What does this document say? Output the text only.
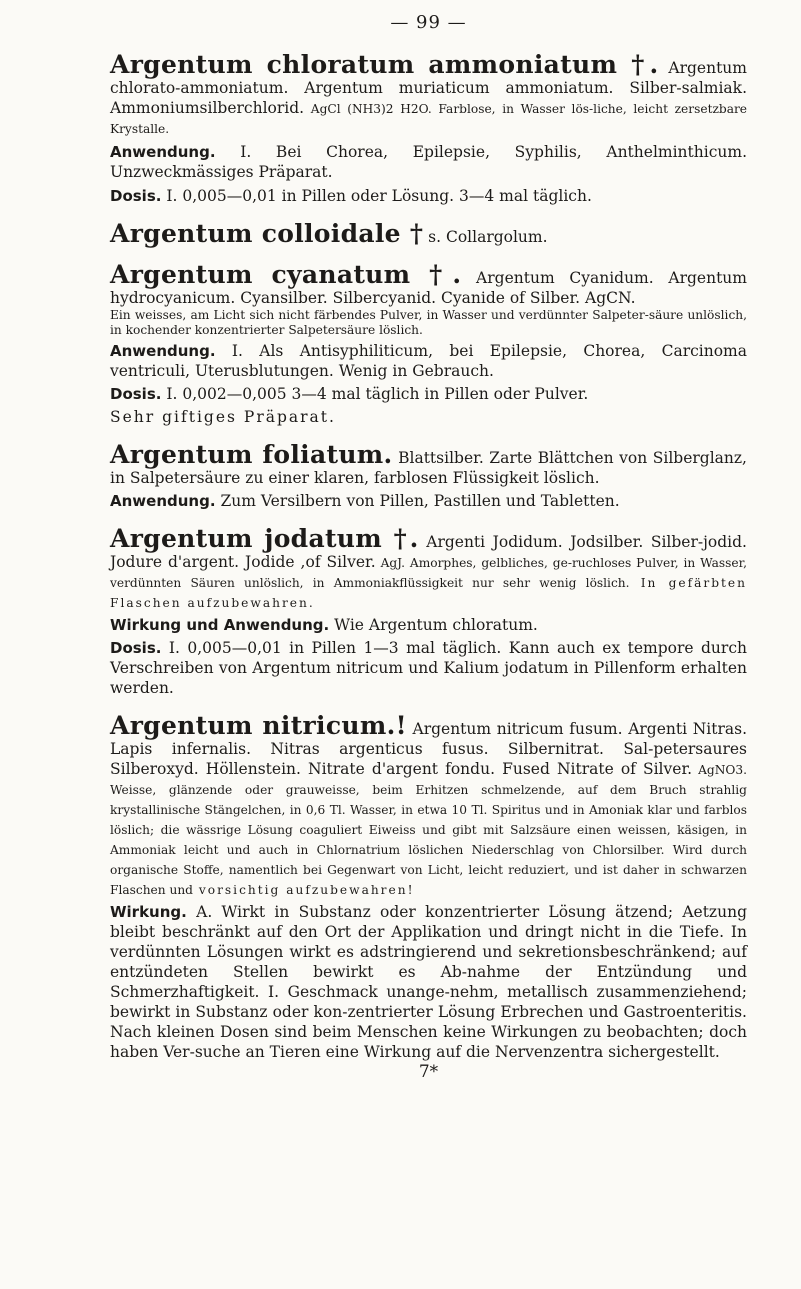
— 99 —

Argentum chloratum ammoniatum †. Argentum chlorato-ammoniatum. Argentum muriaticum ammoniatum. Silber-salmiak. Ammoniumsilberchlorid. AgCl (NH3)2 H2O. Farblose, in Wasser lös-liche, leicht zersetzbare Krystalle.

Anwendung. I. Bei Chorea, Epilepsie, Syphilis, Anthelminthicum. Unzweckmässiges Präparat.

Dosis. I. 0,005—0,01 in Pillen oder Lösung. 3—4 mal täglich.

Argentum colloidale † s. Collargolum.

Argentum cyanatum †. Argentum Cyanidum. Argentum hydrocyanicum. Cyansilber. Silbercyanid. Cyanide of Silber. AgCN.

Ein weisses, am Licht sich nicht färbendes Pulver, in Wasser und verdünnter Salpeter-säure unlöslich, in kochender konzentrierter Salpetersäure löslich.

Anwendung. I. Als Antisyphiliticum, bei Epilepsie, Chorea, Carcinoma ventriculi, Uterusblutungen. Wenig in Gebrauch.

Dosis. I. 0,002—0,005 3—4 mal täglich in Pillen oder Pulver.

Sehr giftiges Präparat.

Argentum foliatum. Blattsilber. Zarte Blättchen von Silberglanz, in Salpetersäure zu einer klaren, farblosen Flüssigkeit löslich.

Anwendung. Zum Versilbern von Pillen, Pastillen und Tabletten.

Argentum jodatum †. Argenti Jodidum. Jodsilber. Silber-jodid. Jodure d'argent. Jodide ,of Silver. AgJ. Amorphes, gelbliches, ge-ruchloses Pulver, in Wasser, verdünnten Säuren unlöslich, in Ammoniakflüssigkeit nur sehr wenig löslich. In gefärbten Flaschen aufzubewahren.

Wirkung und Anwendung. Wie Argentum chloratum.

Dosis. I. 0,005—0,01 in Pillen 1—3 mal täglich. Kann auch ex tempore durch Verschreiben von Argentum nitricum und Kalium jodatum in Pillenform erhalten werden.

Argentum nitricum.! Argentum nitricum fusum. Argenti Nitras. Lapis infernalis. Nitras argenticus fusus. Silbernitrat. Sal-petersaures Silberoxyd. Höllenstein. Nitrate d'argent fondu. Fused Nitrate of Silver. AgNO3. Weisse, glänzende oder grauweisse, beim Erhitzen schmelzende, auf dem Bruch strahlig krystallinische Stängelchen, in 0,6 Tl. Wasser, in etwa 10 Tl. Spiritus und in Amoniak klar und farblos löslich; die wässrige Lösung coaguliert Eiweiss und gibt mit Salzsäure einen weissen, käsigen, in Ammoniak leicht und auch in Chlornatrium löslichen Niederschlag von Chlorsilber. Wird durch organische Stoffe, namentlich bei Gegenwart von Licht, leicht reduziert, und ist daher in schwarzen Flaschen und vorsichtig aufzubewahren!

Wirkung. A. Wirkt in Substanz oder konzentrierter Lösung ätzend; Aetzung bleibt beschränkt auf den Ort der Applikation und dringt nicht in die Tiefe. In verdünnten Lösungen wirkt es adstringierend und sekretionsbeschränkend; auf entzündeten Stellen bewirkt es Ab-nahme der Entzündung und Schmerzhaftigkeit. I. Geschmack unange-nehm, metallisch zusammenziehend; bewirkt in Substanz oder kon-zentrierter Lösung Erbrechen und Gastroenteritis. Nach kleinen Dosen sind beim Menschen keine Wirkungen zu beobachten; doch haben Ver-suche an Tieren eine Wirkung auf die Nervenzentra sichergestellt.

7*
